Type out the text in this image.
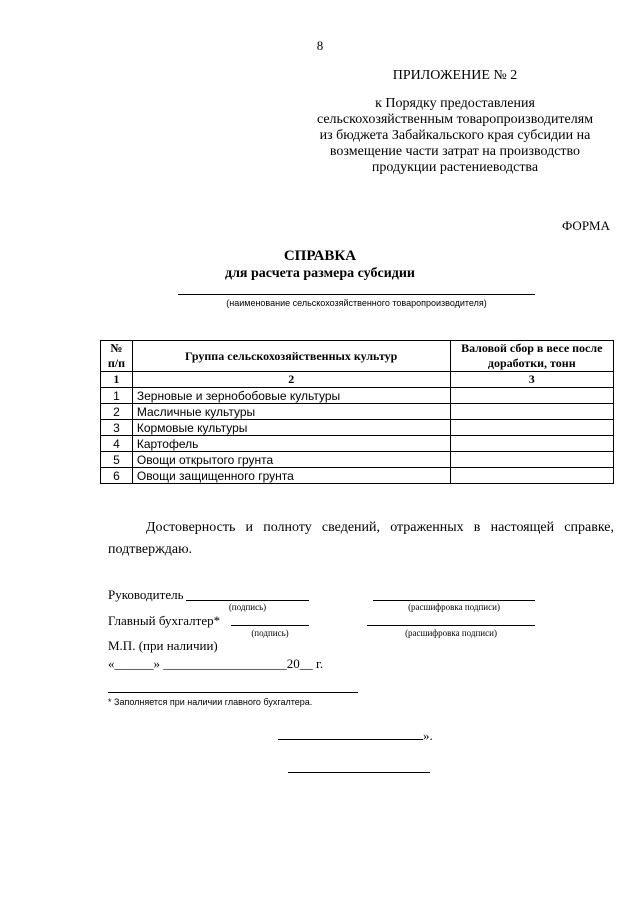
8
ПРИЛОЖЕНИЕ № 2
к Порядку предоставления сельскохозяйственным товаропроизводителям из бюджета Забайкальского края субсидии на возмещение части затрат на производство продукции растениеводства
ФОРМА
СПРАВКА
для расчета размера субсидии
(наименование сельскохозяйственного товаропроизводителя)
№ п/п	Группа сельскохозяйственных культур	Валовой сбор в весе после доработки, тонн
1	2	3
1	Зерновые и зернобобовые культуры	
2	Масличные культуры	
3	Кормовые культуры	
4	Картофель	
5	Овощи открытого грунта	
6	Овощи защищенного грунта	
Достоверность и полноту сведений, отраженных в настоящей справке, подтверждаю.
Руководитель
(подпись)	(расшифровка подписи)
Главный бухгалтер*
(подпись)	(расшифровка подписи)
М.П. (при наличии)
«______» ___________________20__ г.
* Заполняется при наличии главного бухгалтера.
».
